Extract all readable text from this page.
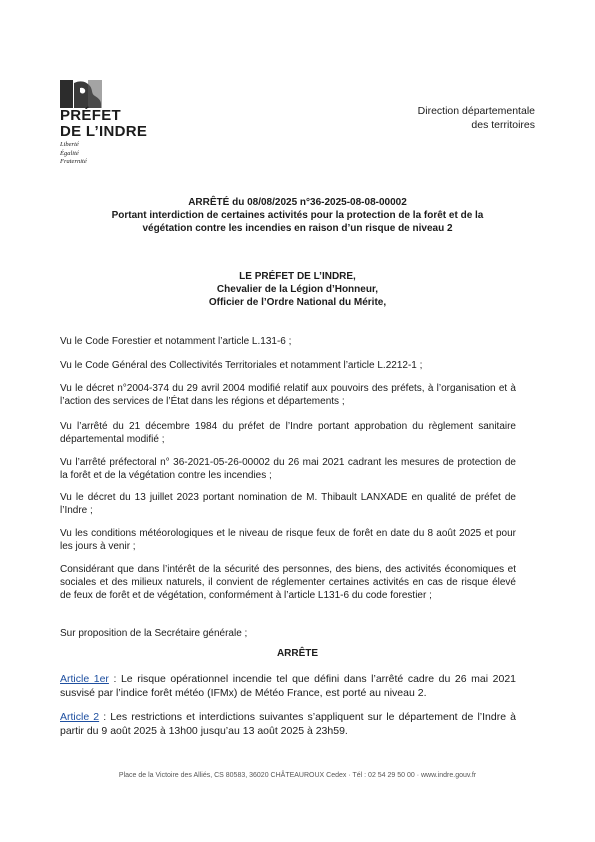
PRÉFET
DE L’INDRE
Liberté
Égalité
Fraternité
Direction départementale
des territoires
ARRÊTÉ du 08/08/2025 n°36-2025-08-08-00002
Portant interdiction de certaines activités pour la protection de la forêt et de la
végétation contre les incendies en raison d’un risque de niveau 2
LE PRÉFET DE L’INDRE,
Chevalier de la Légion d’Honneur,
Officier de l’Ordre National du Mérite,
Vu le Code Forestier et notamment l’article L.131-6 ;
Vu le Code Général des Collectivités Territoriales et notamment l’article L.2212-1 ;
Vu le décret n°2004-374 du 29 avril 2004 modifié relatif aux pouvoirs des préfets, à l’organisation et à l’action des services de l’État dans les régions et départements ;
Vu l’arrêté du 21 décembre 1984 du préfet de l’Indre portant approbation du règlement sanitaire départemental modifié ;
Vu l’arrêté préfectoral n° 36-2021-05-26-00002 du 26 mai 2021 cadrant les mesures de protection de la forêt et de la végétation contre les incendies ;
Vu le décret du 13 juillet 2023 portant nomination de M. Thibault LANXADE en qualité de préfet de l’Indre ;
Vu les conditions météorologiques et le niveau de risque feux de forêt en date du 8 août 2025 et pour les jours à venir ;
Considérant que dans l’intérêt de la sécurité des personnes, des biens, des activités économiques et sociales et des milieux naturels, il convient de réglementer certaines activités en cas de risque élevé de feux de forêt et de végétation, conformément à l’article L131-6 du code forestier ;
Sur proposition de la Secrétaire générale ;
ARRÊTE
Article 1er : Le risque opérationnel incendie tel que défini dans l’arrêté cadre du 26 mai 2021 susvisé par l’indice forêt météo (IFMx) de Météo France, est porté au niveau 2.
Article 2 : Les restrictions et interdictions suivantes s’appliquent sur le département de l’Indre à partir du 9 août 2025 à 13h00 jusqu’au 13 août 2025 à 23h59.
Place de la Victoire des Alliés, CS 80583, 36020 CHÂTEAUROUX Cedex · Tél : 02 54 29 50 00 · www.indre.gouv.fr
